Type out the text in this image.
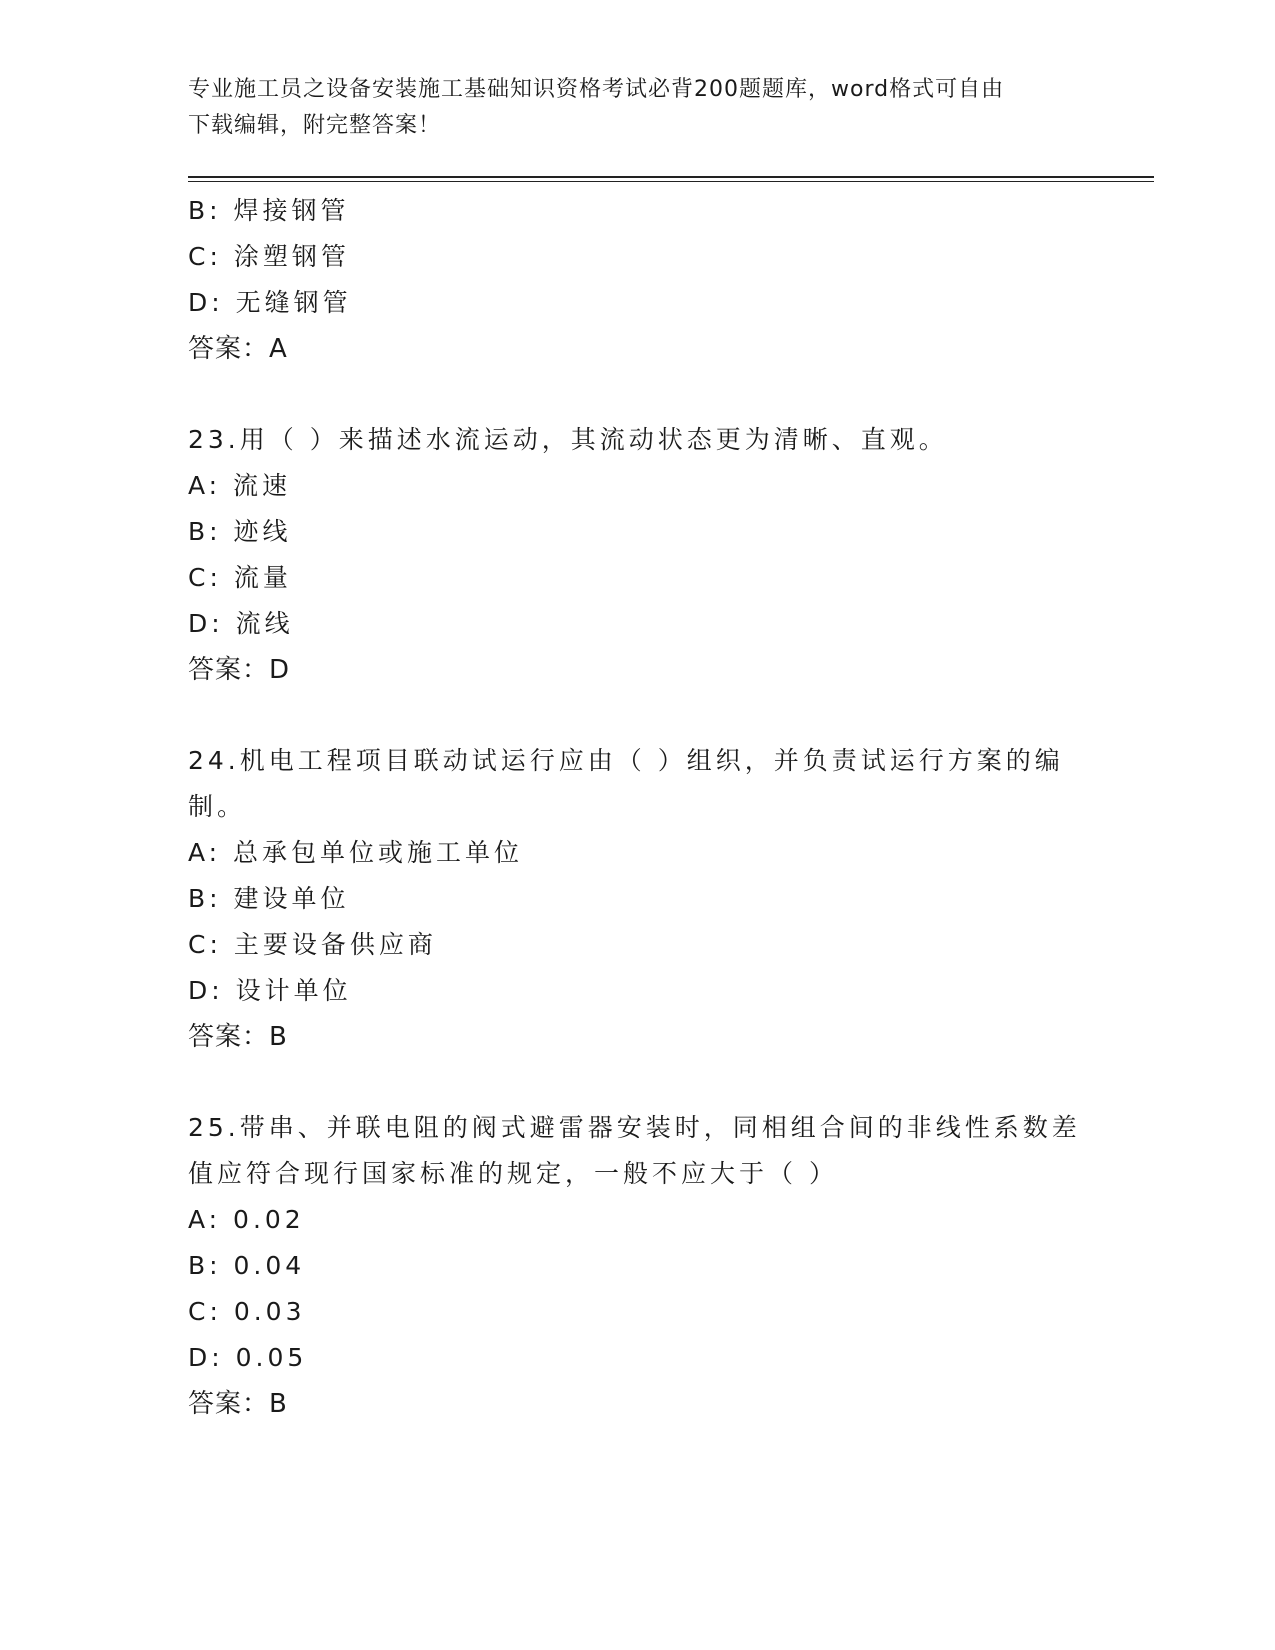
专业施工员之设备安装施工基础知识资格考试必背200题题库，word格式可自由
下载编辑，附完整答案！
B: 焊接钢管
C: 涂塑钢管
D: 无缝钢管
答案：A
23.用（ ）来描述水流运动，其流动状态更为清晰、直观。
A: 流速
B: 迹线
C: 流量
D: 流线
答案：D
24.机电工程项目联动试运行应由（ ）组织，并负责试运行方案的编
制。
A: 总承包单位或施工单位
B: 建设单位
C: 主要设备供应商
D: 设计单位
答案：B
25.带串、并联电阻的阀式避雷器安装时，同相组合间的非线性系数差
值应符合现行国家标准的规定，一般不应大于（ ）
A: 0.02
B: 0.04
C: 0.03
D: 0.05
答案：B
